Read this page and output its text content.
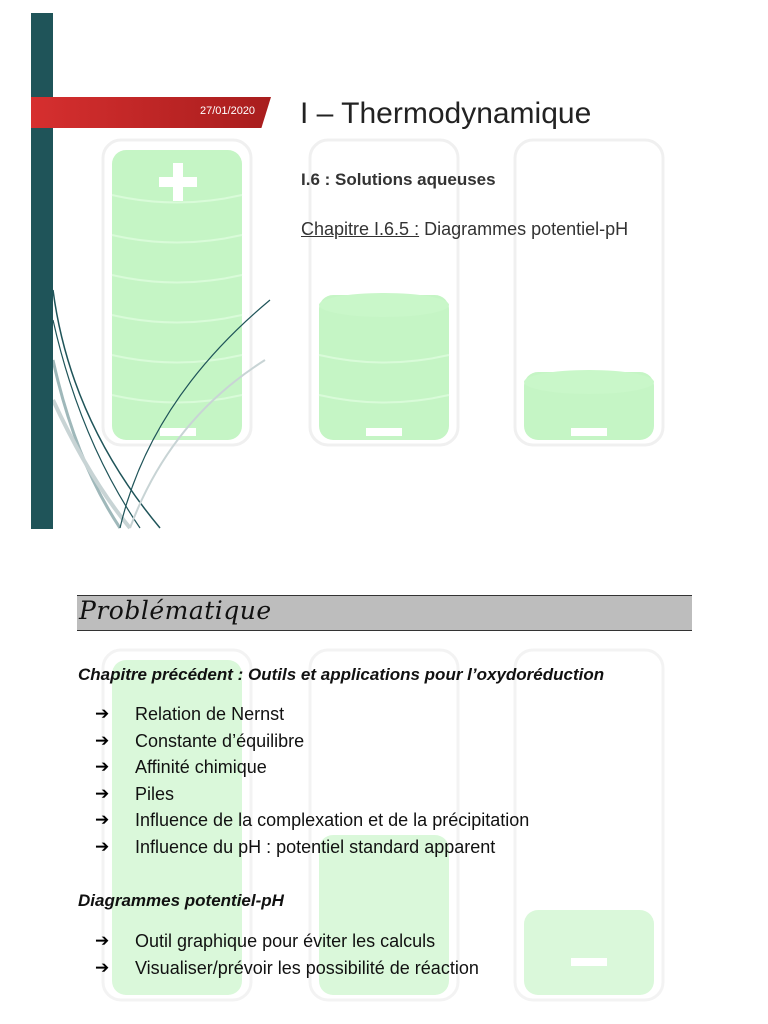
27/01/2020 I – Thermodynamique
I.6 : Solutions aqueuses
Chapitre I.6.5 : Diagrammes potentiel-pH
Problématique
Chapitre précédent : Outils et applications pour l’oxydoréduction
➔	Relation de Nernst
➔	Constante d’équilibre
➔	Affinité chimique
➔	Piles
➔	Influence de la complexation et de la précipitation
➔	Influence du pH : potentiel standard apparent
Diagrammes potentiel-pH
➔	Outil graphique pour éviter les calculs
➔	Visualiser/prévoir les possibilité de réaction
